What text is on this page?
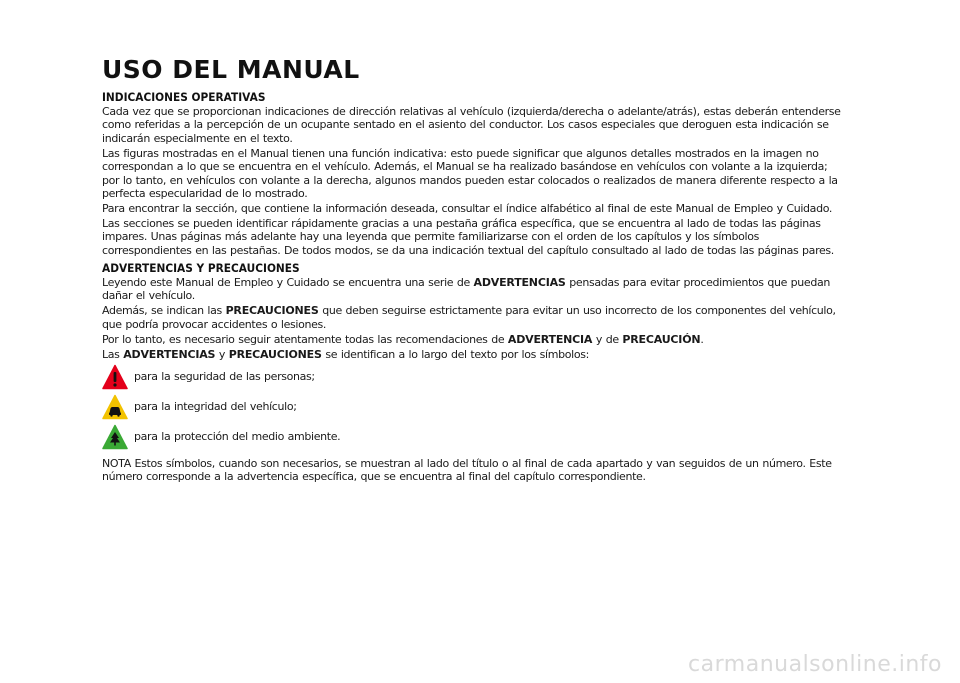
USO DEL MANUAL
INDICACIONES OPERATIVAS

Cada vez que se proporcionan indicaciones de dirección relativas al vehículo (izquierda/derecha o adelante/atrás), estas deberán entenderse como referidas a la percepción de un ocupante sentado en el asiento del conductor. Los casos especiales que deroguen esta indicación se indicarán especialmente en el texto.

Las figuras mostradas en el Manual tienen una función indicativa: esto puede significar que algunos detalles mostrados en la imagen no correspondan a lo que se encuentra en el vehículo. Además, el Manual se ha realizado basándose en vehículos con volante a la izquierda; por lo tanto, en vehículos con volante a la derecha, algunos mandos pueden estar colocados o realizados de manera diferente respecto a la perfecta especularidad de lo mostrado.

Para encontrar la sección, que contiene la información deseada, consultar el índice alfabético al final de este Manual de Empleo y Cuidado.

Las secciones se pueden identificar rápidamente gracias a una pestaña gráfica específica, que se encuentra al lado de todas las páginas impares. Unas páginas más adelante hay una leyenda que permite familiarizarse con el orden de los capítulos y los símbolos correspondientes en las pestañas. De todos modos, se da una indicación textual del capítulo consultado al lado de todas las páginas pares.

ADVERTENCIAS Y PRECAUCIONES

Leyendo este Manual de Empleo y Cuidado se encuentra una serie de ADVERTENCIAS pensadas para evitar procedimientos que puedan dañar el vehículo.

Además, se indican las PRECAUCIONES que deben seguirse estrictamente para evitar un uso incorrecto de los componentes del vehículo, que podría provocar accidentes o lesiones.

Por lo tanto, es necesario seguir atentamente todas las recomendaciones de ADVERTENCIA y de PRECAUCIÓN.

Las ADVERTENCIAS y PRECAUCIONES se identifican a lo largo del texto por los símbolos:

para la seguridad de las personas;

para la integridad del vehículo;

para la protección del medio ambiente.

NOTA Estos símbolos, cuando son necesarios, se muestran al lado del título o al final de cada apartado y van seguidos de un número. Este número corresponde a la advertencia específica, que se encuentra al final del capítulo correspondiente.

carmanualsonline.info
